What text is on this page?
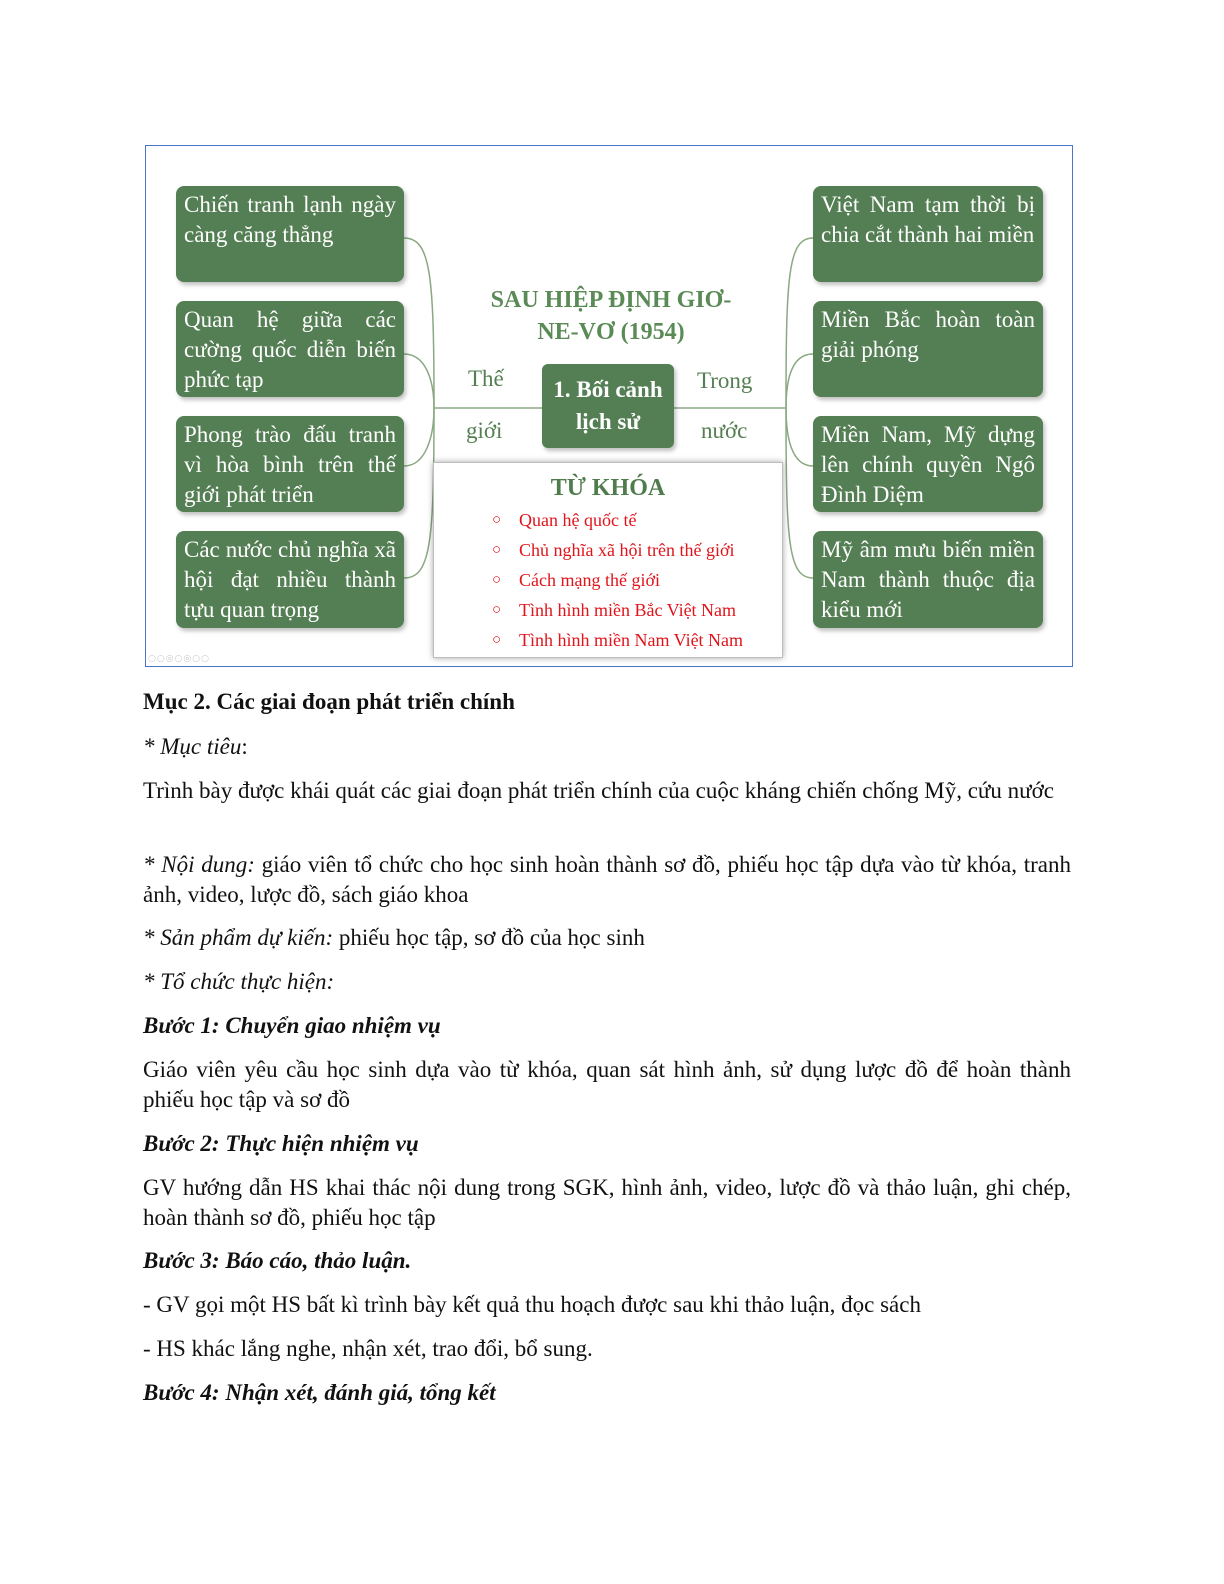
Chiến tranh lạnh ngày càng căng thẳng
Quan hệ giữa các cường quốc diễn biến phức tạp
Phong trào đấu tranh vì hòa bình trên thế giới phát triển
Các nước chủ nghĩa xã hội đạt nhiều thành tựu quan trọng
Việt Nam tạm thời bị chia cắt thành hai miền
Miền Bắc hoàn toàn giải phóng
Miền Nam, Mỹ dựng lên chính quyền Ngô Đình Diệm
Mỹ âm mưu biến miền Nam thành thuộc địa kiểu mới
SAU HIỆP ĐỊNH GIƠ-
NE-VƠ (1954)
1. Bối cảnh
lịch sử
Thế
giới
Trong
nước
TỪ KHÓA
○ Quan hệ quốc tế
○ Chủ nghĩa xã hội trên thế giới
○ Cách mạng thế giới
○ Tình hình miền Bắc Việt Nam
○ Tình hình miền Nam Việt Nam
○○◎○◎○○

Mục 2. Các giai đoạn phát triển chính

* Mục tiêu:

Trình bày được khái quát các giai đoạn phát triển chính của cuộc kháng chiến chống Mỹ, cứu nước

* Nội dung: giáo viên tổ chức cho học sinh hoàn thành sơ đồ, phiếu học tập dựa vào từ khóa, tranh ảnh, video, lược đồ, sách giáo khoa

* Sản phẩm dự kiến: phiếu học tập, sơ đồ của học sinh

* Tổ chức thực hiện:

Bước 1: Chuyển giao nhiệm vụ

Giáo viên yêu cầu học sinh dựa vào từ khóa, quan sát hình ảnh, sử dụng lược đồ để hoàn thành phiếu học tập và sơ đồ

Bước 2: Thực hiện nhiệm vụ

GV hướng dẫn HS khai thác nội dung trong SGK, hình ảnh, video, lược đồ và thảo luận, ghi chép, hoàn thành sơ đồ, phiếu học tập

Bước 3: Báo cáo, thảo luận.

- GV gọi một HS bất kì trình bày kết quả thu hoạch được sau khi thảo luận, đọc sách

- HS khác lắng nghe, nhận xét, trao đổi, bổ sung.

Bước 4: Nhận xét, đánh giá, tổng kết
